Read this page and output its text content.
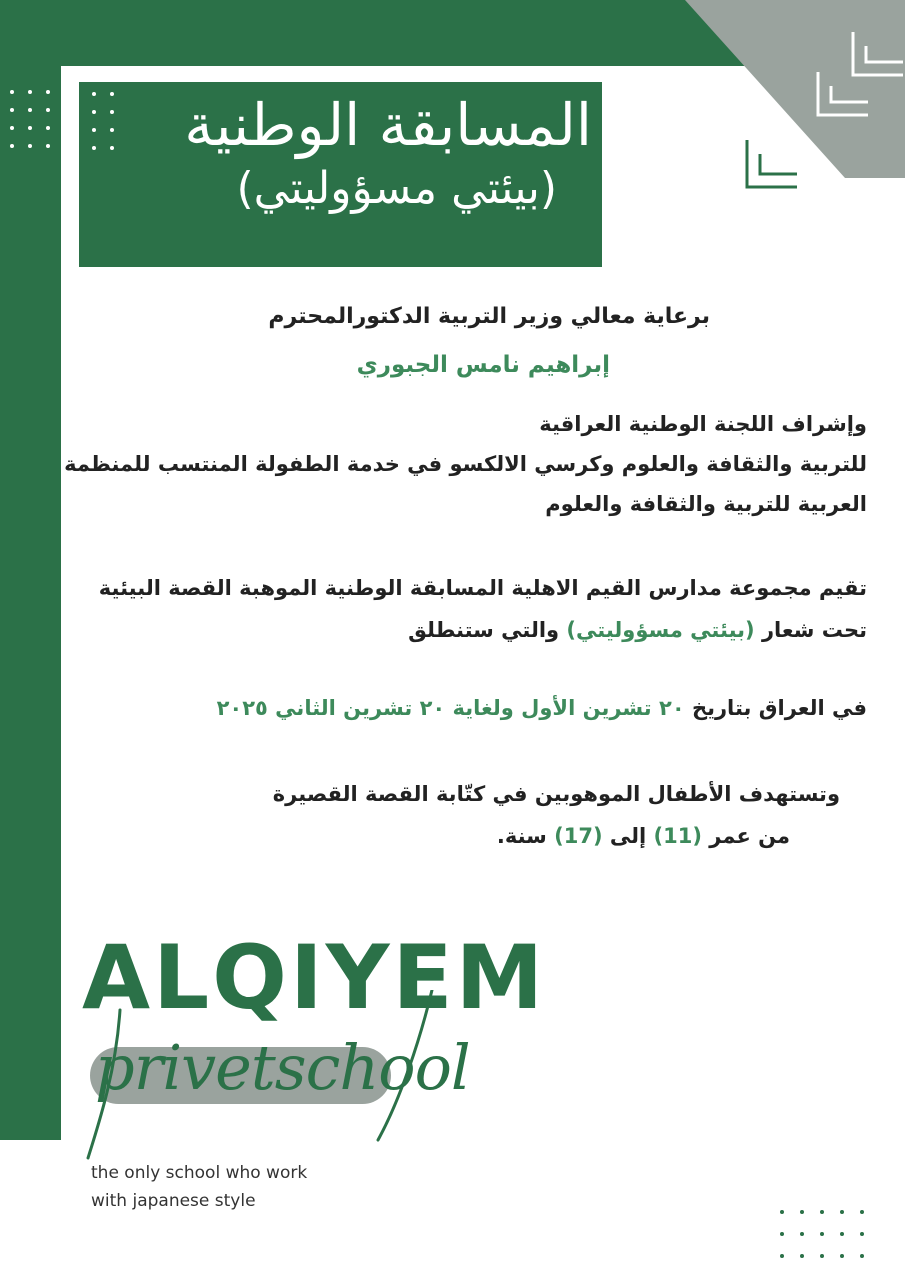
المسابقة الوطنية
(بيئتي مسؤوليتي)
برعاية معالي وزير التربية الدكتورالمحترم
إبراهيم نامس الجبوري
وإشراف اللجنة الوطنية العراقية
للتربية والثقافة والعلوم وكرسي الالكسو في خدمة الطفولة المنتسب للمنظمة
العربية للتربية والثقافة والعلوم
تقيم مجموعة مدارس القيم الاهلية المسابقة الوطنية الموهبة القصة البيئية
تحت شعار (بيئتي مسؤوليتي) والتي ستنطلق
في العراق بتاريخ ٢٠ تشرين الأول ولغاية ٢٠ تشرين الثاني ٢٠٢٥
وتستهدف الأطفال الموهوبين في كتّابة القصة القصيرة
من عمر (11) إلى (17) سنة.
ALQIYEM
privetschool
the only school who work
with japanese style
